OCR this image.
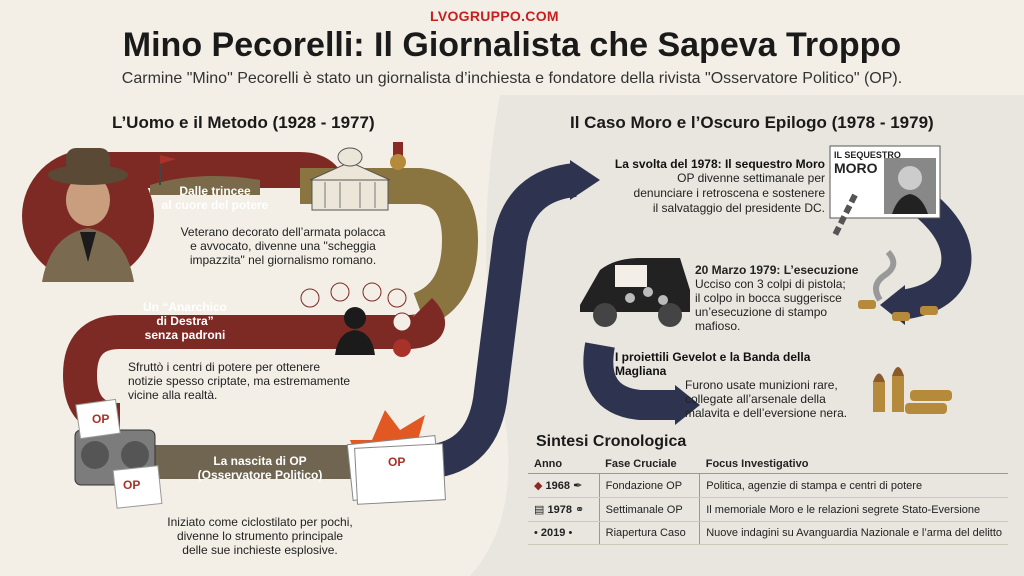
LVOGRUPPO.COM
Mino Pecorelli: Il Giornalista che Sapeva Troppo
Carmine "Mino" Pecorelli è stato un giornalista d’inchiesta e fondatore della rivista "Osservatore Politico" (OP).
L’Uomo e il Metodo (1928 - 1977)
Dalle trincee
al cuore del potere
Veterano decorato dell’armata polacca
e avvocato, divenne una "scheggia
impazzita" nel giornalismo romano.
Un “Anarchico
di Destra”
senza padroni
Sfruttò i centri di potere per ottenere
notizie spesso criptate, ma estremamente
vicine alla realtà.
OP
OP
OP
La nascita di OP
(Osservatore Politico)
Iniziato come ciclostilato per pochi,
divenne lo strumento principale
delle sue inchieste esplosive.
Il Caso Moro e l’Oscuro Epilogo (1978 - 1979)
La svolta del 1978: Il sequestro Moro
OP divenne settimanale per
denunciare i retroscena e sostenere
il salvataggio del presidente DC.
IL SEQUESTRO
MORO
20 Marzo 1979: L’esecuzione
Ucciso con 3 colpi di pistola;
il colpo in bocca suggerisce
un’esecuzione di stampo mafioso.
I proiettili Gevelot e la Banda della Magliana
Furono usate munizioni rare,
collegate all’arsenale della
malavita e dell’eversione nera.
Sintesi Cronologica
Anno	Fase Cruciale	Focus Investigativo
◆ 1968 ✒	Fondazione OP	Politica, agenzie di stampa e centri di potere
▤ 1978 ⚭	Settimanale OP	Il memoriale Moro e le relazioni segrete Stato-Eversione
• 2019 •	Riapertura Caso	Nuove indagini su Avanguardia Nazionale e l’arma del delitto
